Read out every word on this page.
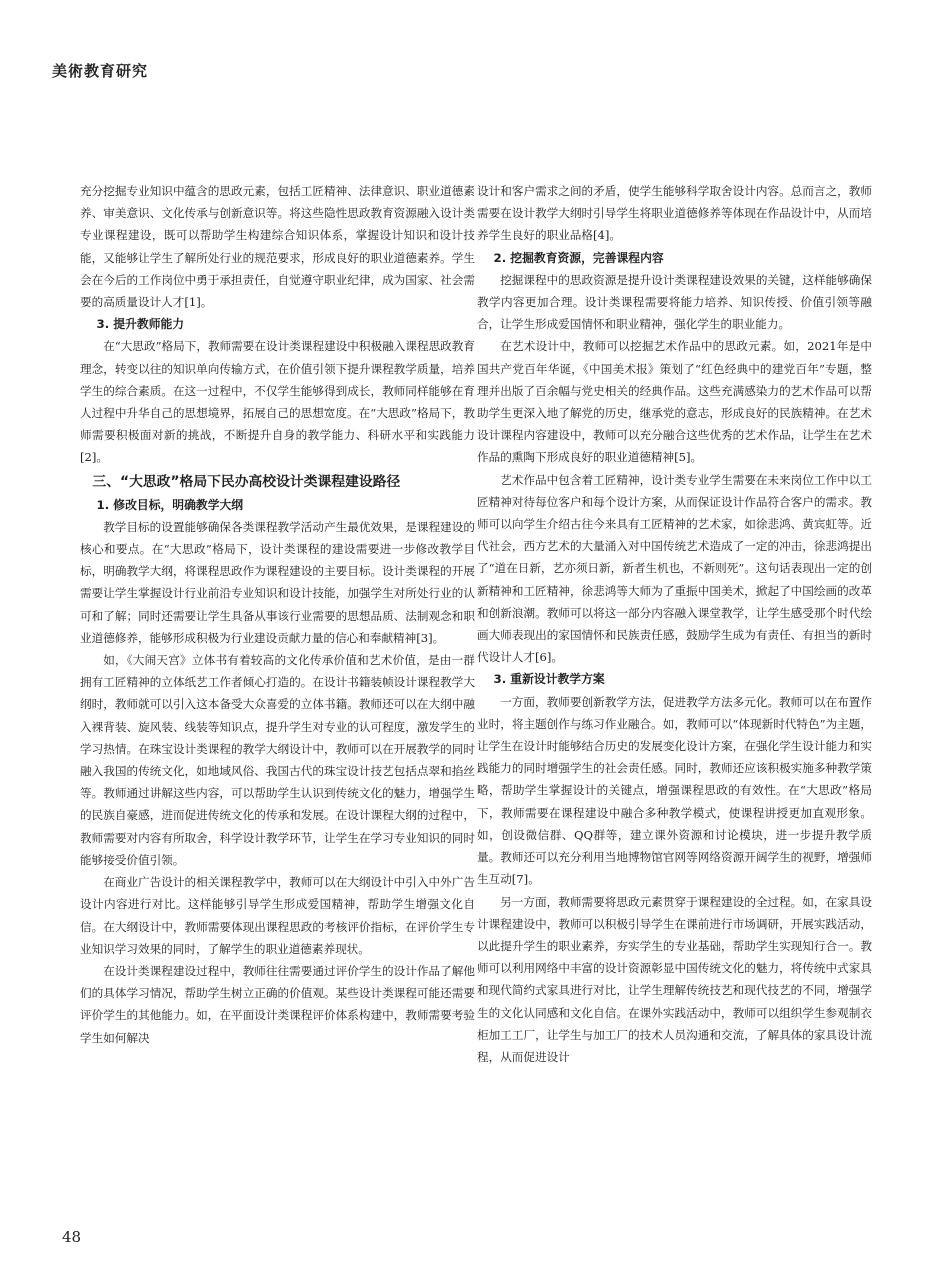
美術教育研究

充分挖掘专业知识中蕴含的思政元素，包括工匠精神、法律意识、职业道德素养、审美意识、文化传承与创新意识等。将这些隐性思政教育资源融入设计类专业课程建设，既可以帮助学生构建综合知识体系，掌握设计知识和设计技能，又能够让学生了解所处行业的规范要求，形成良好的职业道德素养。学生会在今后的工作岗位中勇于承担责任，自觉遵守职业纪律，成为国家、社会需要的高质量设计人才[1]。

3. 提升教师能力

在“大思政”格局下，教师需要在设计类课程建设中积极融入课程思政教育理念，转变以往的知识单向传输方式，在价值引领下提升课程教学质量，培养学生的综合素质。在这一过程中，不仅学生能够得到成长，教师同样能够在育人过程中升华自己的思想境界，拓展自己的思想宽度。在“大思政”格局下，教师需要积极面对新的挑战，不断提升自身的教学能力、科研水平和实践能力[2]。

三、“大思政”格局下民办高校设计类课程建设路径
1. 修改目标，明确教学大纲

教学目标的设置能够确保各类课程教学活动产生最优效果，是课程建设的核心和要点。在“大思政”格局下，设计类课程的建设需要进一步修改教学目标，明确教学大纲，将课程思政作为课程建设的主要目标。设计类课程的开展需要让学生掌握设计行业前沿专业知识和设计技能，加强学生对所处行业的认可和了解；同时还需要让学生具备从事该行业需要的思想品质、法制观念和职业道德修养，能够形成积极为行业建设贡献力量的信心和奉献精神[3]。

如，《大闹天宫》立体书有着较高的文化传承价值和艺术价值，是由一群拥有工匠精神的立体纸艺工作者倾心打造的。在设计书籍装帧设计课程教学大纲时，教师就可以引入这本备受大众喜爱的立体书籍。教师还可以在大纲中融入裸背装、旋风装、线装等知识点，提升学生对专业的认可程度，激发学生的学习热情。在珠宝设计类课程的教学大纲设计中，教师可以在开展教学的同时融入我国的传统文化，如地域风俗、我国古代的珠宝设计技艺包括点翠和掐丝等。教师通过讲解这些内容，可以帮助学生认识到传统文化的魅力，增强学生的民族自豪感，进而促进传统文化的传承和发展。在设计课程大纲的过程中，教师需要对内容有所取舍，科学设计教学环节，让学生在学习专业知识的同时能够接受价值引领。

在商业广告设计的相关课程教学中，教师可以在大纲设计中引入中外广告设计内容进行对比。这样能够引导学生形成爱国精神，帮助学生增强文化自信。在大纲设计中，教师需要体现出课程思政的考核评价指标，在评价学生专业知识学习效果的同时，了解学生的职业道德素养现状。

在设计类课程建设过程中，教师往往需要通过评价学生的设计作品了解他们的具体学习情况，帮助学生树立正确的价值观。某些设计类课程可能还需要评价学生的其他能力。如，在平面设计类课程评价体系构建中，教师需要考验学生如何解决

设计和客户需求之间的矛盾，使学生能够科学取舍设计内容。总而言之，教师需要在设计教学大纲时引导学生将职业道德修养等体现在作品设计中，从而培养学生良好的职业品格[4]。

2. 挖掘教育资源，完善课程内容

挖掘课程中的思政资源是提升设计类课程建设效果的关键，这样能够确保教学内容更加合理。设计类课程需要将能力培养、知识传授、价值引领等融合，让学生形成爱国情怀和职业精神，强化学生的职业能力。

在艺术设计中，教师可以挖掘艺术作品中的思政元素。如，2021年是中国共产党百年华诞，《中国美术报》策划了“红色经典中的建党百年”专题，整理并出版了百余幅与党史相关的经典作品。这些充满感染力的艺术作品可以帮助学生更深入地了解党的历史，继承党的意志，形成良好的民族精神。在艺术设计课程内容建设中，教师可以充分融合这些优秀的艺术作品，让学生在艺术作品的熏陶下形成良好的职业道德精神[5]。

艺术作品中包含着工匠精神，设计类专业学生需要在未来岗位工作中以工匠精神对待每位客户和每个设计方案，从而保证设计作品符合客户的需求。教师可以向学生介绍古往今来具有工匠精神的艺术家，如徐悲鸿、黄宾虹等。近代社会，西方艺术的大量涌入对中国传统艺术造成了一定的冲击，徐悲鸿提出了“道在日新，艺亦须日新，新者生机也，不新则死”。这句话表现出一定的创新精神和工匠精神，徐悲鸿等大师为了重振中国美术，掀起了中国绘画的改革和创新浪潮。教师可以将这一部分内容融入课堂教学，让学生感受那个时代绘画大师表现出的家国情怀和民族责任感，鼓励学生成为有责任、有担当的新时代设计人才[6]。

3. 重新设计教学方案

一方面，教师要创新教学方法，促进教学方法多元化。教师可以在布置作业时，将主题创作与练习作业融合。如，教师可以“体现新时代特色”为主题，让学生在设计时能够结合历史的发展变化设计方案，在强化学生设计能力和实践能力的同时增强学生的社会责任感。同时，教师还应该积极实施多种教学策略，帮助学生掌握设计的关键点，增强课程思政的有效性。在“大思政”格局下，教师需要在课程建设中融合多种教学模式，使课程讲授更加直观形象。如，创设微信群、QQ群等，建立课外资源和讨论模块，进一步提升教学质量。教师还可以充分利用当地博物馆官网等网络资源开阔学生的视野，增强师生互动[7]。

另一方面，教师需要将思政元素贯穿于课程建设的全过程。如，在家具设计课程建设中，教师可以积极引导学生在课前进行市场调研，开展实践活动，以此提升学生的职业素养，夯实学生的专业基础，帮助学生实现知行合一。教师可以利用网络中丰富的设计资源彰显中国传统文化的魅力，将传统中式家具和现代简约式家具进行对比，让学生理解传统技艺和现代技艺的不同，增强学生的文化认同感和文化自信。在课外实践活动中，教师可以组织学生参观制衣柜加工工厂，让学生与加工厂的技术人员沟通和交流，了解具体的家具设计流程，从而促进设计

48
